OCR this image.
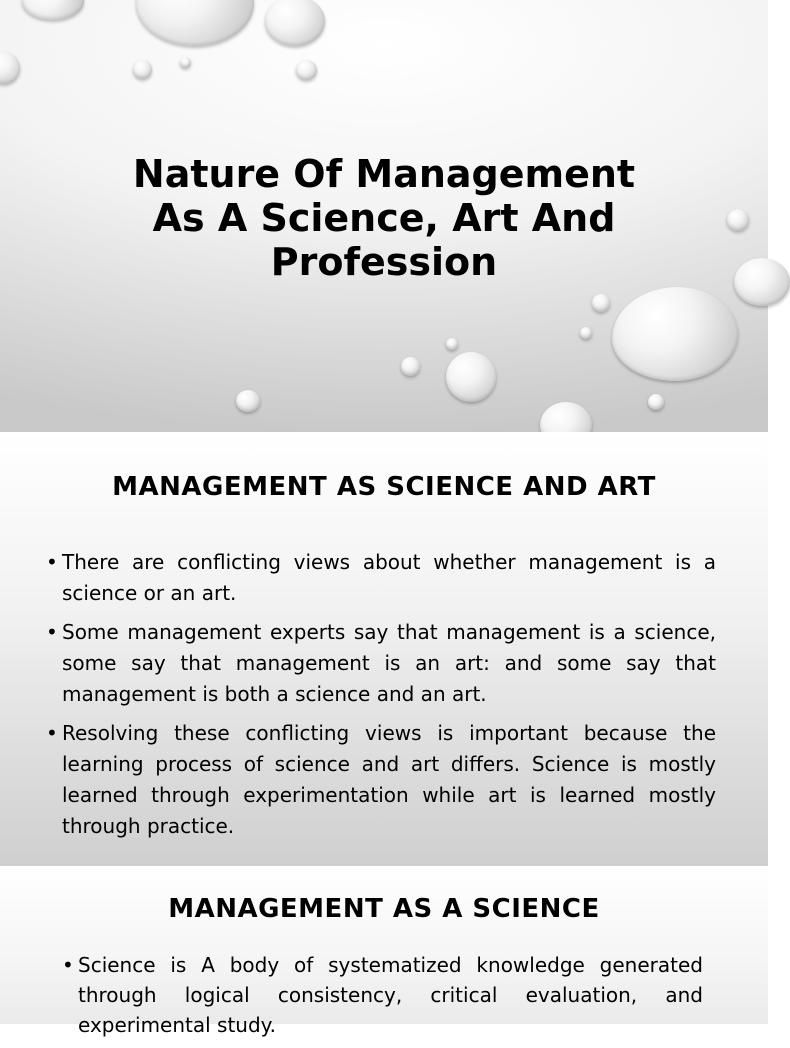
Nature Of Management
As A Science, Art And
Profession
MANAGEMENT AS SCIENCE AND ART
• There are conflicting views about whether management is a science or an art.
• Some management experts say that management is a science, some say that management is an art: and some say that management is both a science and an art.
• Resolving these conflicting views is important because the learning process of science and art differs. Science is mostly learned through experimentation while art is learned mostly through practice.
MANAGEMENT AS A SCIENCE
• Science is A body of systematized knowledge generated through logical consistency, critical evaluation, and experimental study.
